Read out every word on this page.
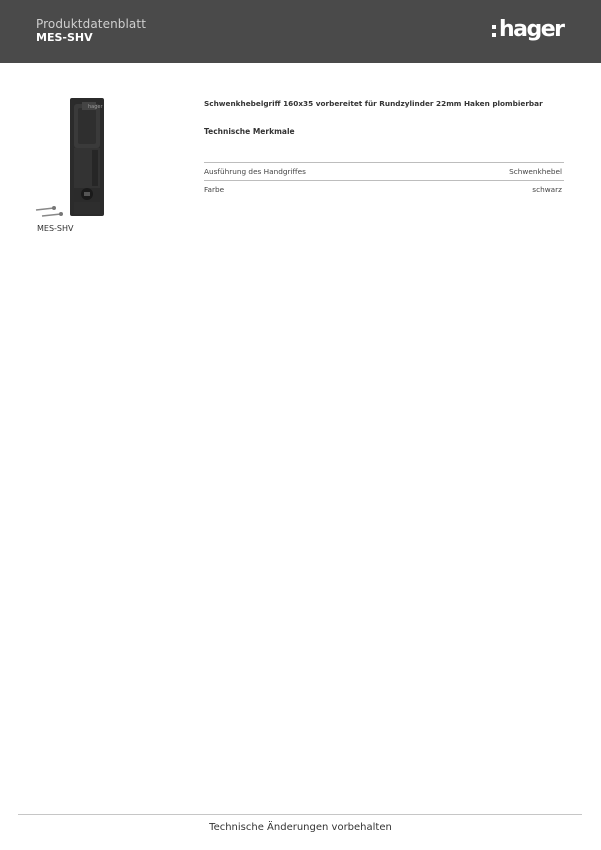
Produktdatenblatt
MES-SHV	hager
hager
MES-SHV
Schwenkhebelgriff 160x35 vorbereitet für Rundzylinder 22mm Haken plombierbar
Technische Merkmale
Ausführung des Handgriffes	Schwenkhebel
Farbe	schwarz
Technische Änderungen vorbehalten
